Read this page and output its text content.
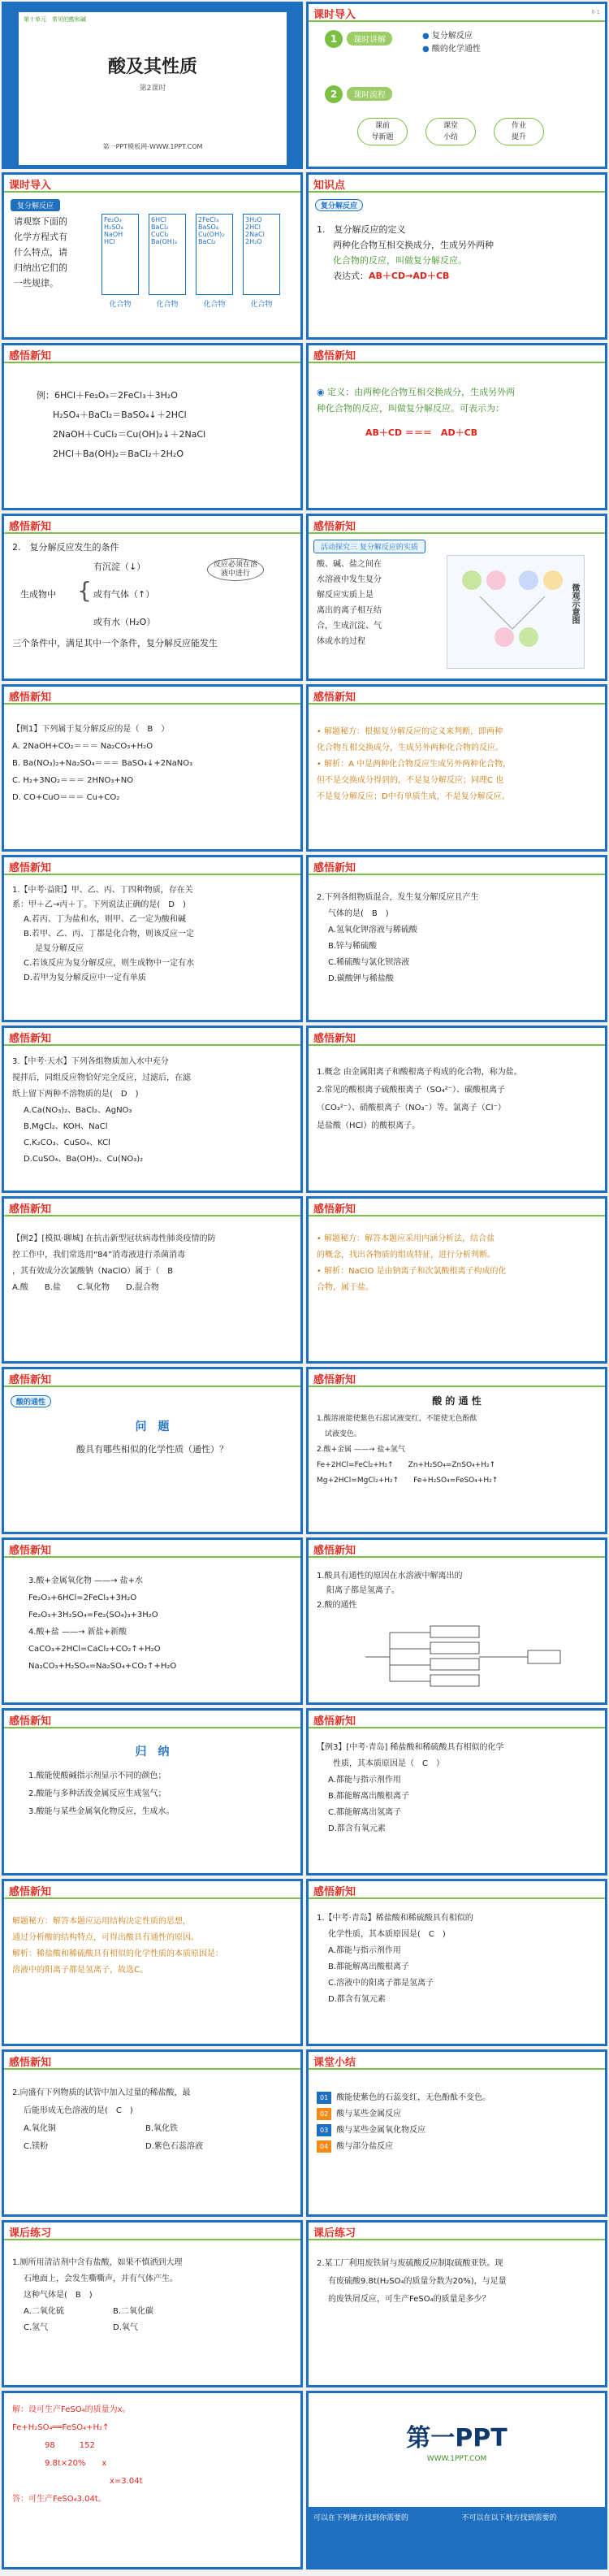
第十单元　常见的酸和碱
酸及其性质
第2课时
第一PPT模板网-WWW.1PPT.COM
课时导入	Ⅱ-1
1 课时讲解	● 复分解反应
● 酸的化学通性
2 课时流程
课前
导新题
课堂
小结
作业
提升
课时导入
复分解反应
请观察下面的
化学方程式有
什么特点，请
归纳出它们的
一些规律。
Fe₂O₃
H₂SO₄
NaOH
HCl
6HCl
BaCl₂
CuCl₂
Ba(OH)₂
2FeCl₃
BaSO₄
Cu(OH)₂
BaCl₂
3H₂O
2HCl
2NaCl
2H₂O
化合物	化合物	化合物	化合物
知识点
复分解反应
1.　复分解反应的定义
两种化合物互相交换成分，生成另外两种
化合物的反应，叫做复分解反应。
表达式：AB＋CD→AD＋CB
感悟新知
例：6HCl＋Fe₂O₃＝2FeCl₃＋3H₂O
H₂SO₄＋BaCl₂＝BaSO₄↓＋2HCl
2NaOH＋CuCl₂＝Cu(OH)₂↓＋2NaCl
2HCl＋Ba(OH)₂＝BaCl₂＋2H₂O
感悟新知
◉ 定义：由两种化合物互相交换成分，生成另外两
种化合物的反应，叫做复分解反应。可表示为：
AB＋CD ＝＝＝　AD＋CB
感悟新知
2.　复分解反应发生的条件
生成物中 {
有沉淀（↓）
或有气体（↑）
或有水（H₂O）
反应必须在溶液中进行
三个条件中，满足其中一个条件，复分解反应能发生
感悟新知
活动探究三 复分解反应的实质
酸、碱、盐之间在
水溶液中发生复分
解反应实质上是
离出的离子相互结
合，生成沉淀、气
体或水的过程
微观示意图
感悟新知
【例1】下列属于复分解反应的是（　B　）
A. 2NaOH+CO₂＝＝＝ Na₂CO₃+H₂O
B. Ba(NO₃)₂+Na₂SO₄＝＝＝ BaSO₄↓+2NaNO₃
C. H₂+3NO₂＝＝＝ 2HNO₃+NO
D. CO+CuO＝＝＝ Cu+CO₂
感悟新知
• 解题秘方：根据复分解反应的定义来判断，即两种
化合物互相交换成分，生成另外两种化合物的反应。
• 解析：A 中是两种化合物反应生成另外两种化合物，
但不是交换成分得到的，不是复分解反应；同理C 也
不是复分解反应；D中有单质生成，不是复分解反应。
感悟新知
1.【中考·益阳】甲、乙、丙、丁四种物质，存在关
系：甲＋乙→丙＋丁。下列说法正确的是(　D　)
A.若丙、丁为盐和水，则甲、乙一定为酸和碱
B.若甲、乙、丙、丁都是化合物，则该反应一定
是复分解反应
C.若该反应为复分解反应，则生成物中一定有水
D.若甲为复分解反应中一定有单质
感悟新知
2.下列各组物质混合，发生复分解反应且产生
气体的是(　B　)
A.氢氧化钾溶液与稀硫酸
B.锌与稀硫酸
C.稀硫酸与氯化钡溶液
D.碳酸钾与稀盐酸
感悟新知
3.【中考·天水】下列各组物质加入水中充分
搅拌后，同组反应物恰好完全反应，过滤后，在滤
纸上留下两种不溶物质的是(　D　)
A.Ca(NO₃)₂、BaCl₂、AgNO₃
B.MgCl₂、KOH、NaCl
C.K₂CO₃、CuSO₄、KCl
D.CuSO₄、Ba(OH)₂、Cu(NO₃)₂
感悟新知
1.概念 由金属阳离子和酸根离子构成的化合物，称为盐。
2.常见的酸根离子硫酸根离子（SO₄²⁻）、碳酸根离子
（CO₃²⁻）、硝酸根离子（NO₃⁻）等。氯离子（Cl⁻）
是盐酸（HCl）的酸根离子。
感悟新知
【例2】[模拟·聊城] 在抗击新型冠状病毒性肺炎疫情的防
控工作中，我们常选用“84”消毒液进行杀菌消毒
，其有效成分次氯酸钠（NaClO）属于（　B
A.酸　　B.盐　　C.氧化物　　D.混合物
感悟新知
• 解题秘方：解答本题应采用内涵分析法，结合盐
的概念，找出各物质的组成特征，进行分析判断。
• 解析：NaClO 是由钠离子和次氯酸根离子构成的化
合物，属于盐。
感悟新知
酸的通性
问　题
酸具有哪些相似的化学性质（通性）？
感悟新知
酸 的 通 性
1.酸溶液能使紫色石蕊试液变红，不能使无色酚酞
试液变色。
2.酸+金属 ——→ 盐+氢气
Fe+2HCl=FeCl₂+H₂↑　　Zn+H₂SO₄=ZnSO₄+H₂↑
Mg+2HCl=MgCl₂+H₂↑　　Fe+H₂SO₄=FeSO₄+H₂↑
感悟新知
3.酸+金属氧化物 ——→ 盐+水
Fe₂O₃+6HCl=2FeCl₃+3H₂O
Fe₂O₃+3H₂SO₄=Fe₂(SO₄)₃+3H₂O
4.酸+盐 ——→ 新盐+新酸
CaCO₃+2HCl=CaCl₂+CO₂↑+H₂O
Na₂CO₃+H₂SO₄=Na₂SO₄+CO₂↑+H₂O
感悟新知
1.酸具有通性的原因在水溶液中解离出的
阳离子都是氢离子。
2.酸的通性
感悟新知
归　纳
1.酸能使酸碱指示剂显示不同的颜色；
2.酸能与多种活泼金属反应生成氢气；
3.酸能与某些金属氧化物反应，生成水。
感悟新知
【例3】[中考·青岛] 稀盐酸和稀硫酸具有相似的化学
性质，其本质原因是（　C　）
A.都能与指示剂作用
B.都能解离出酸根离子
C.都能解离出氢离子
D.都含有氧元素
感悟新知
解题秘方：解答本题应运用结构决定性质的思想，
通过分析酸的结构特点，可得出酸具有通性的原因。
解析：稀盐酸和稀硫酸具有相似的化学性质的本质原因是：
溶液中的阳离子都是氢离子，故选C。
感悟新知
1.【中考·青岛】稀盐酸和稀硫酸具有相似的
化学性质，其本质原因是(　C　)
A.都能与指示剂作用
B.都能解离出酸根离子
C.溶液中的阳离子都是氢离子
D.都含有氢元素
感悟新知
2.向盛有下列物质的试管中加入过量的稀盐酸，最
后能形成无色溶液的是(　C　)
A.氧化铜	B.氧化铁
C.镁粉	D.紫色石蕊溶液
课堂小结
01	酸能使紫色的石蕊变红，无色酚酞不变色。
02	酸与某些金属反应
03	酸与某些金属氧化物反应
04	酸与部分盐反应
课后练习
1.厕所用清洁剂中含有盐酸，如果不慎洒到大理
石地面上，会发生嘶嘶声，并有气体产生。
这种气体是(　B　)
A.二氧化硫	B.二氧化碳
C.氢气	D.氧气
课后练习
2.某工厂利用废铁屑与废硫酸反应制取硫酸亚铁。现
有废硫酸9.8t(H₂SO₄的质量分数为20%)，与足量
的废铁屑反应，可生产FeSO₄的质量是多少？
解：设可生产FeSO₄的质量为x。
Fe+H₂SO₄══FeSO₄+H₂↑
98　　　152
9.8t×20%　　x
x=3.04t
答：可生产FeSO₄3.04t。
第一PPT
WWW.1PPT.COM
可以在下列地方找到你需要的	不可以在以下地方找到需要的
